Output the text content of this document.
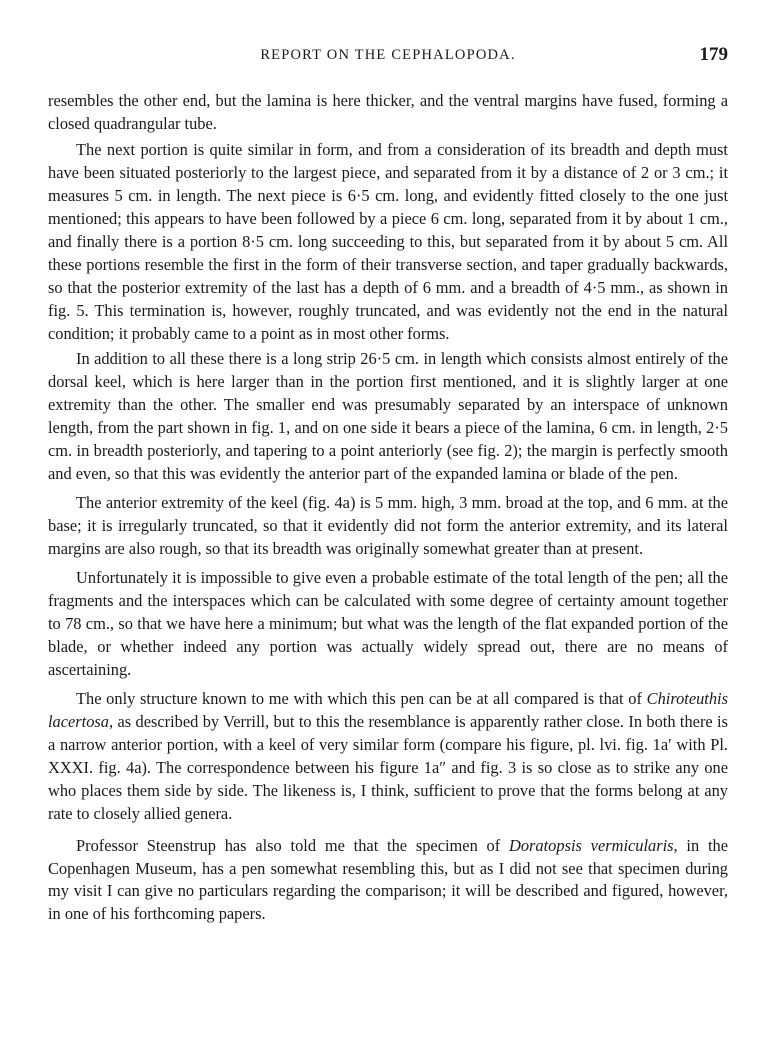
REPORT ON THE CEPHALOPODA.	179

resembles the other end, but the lamina is here thicker, and the ventral margins have fused, forming a closed quadrangular tube.

The next portion is quite similar in form, and from a consideration of its breadth and depth must have been situated posteriorly to the largest piece, and separated from it by a distance of 2 or 3 cm.; it measures 5 cm. in length. The next piece is 6·5 cm. long, and evidently fitted closely to the one just mentioned; this appears to have been followed by a piece 6 cm. long, separated from it by about 1 cm., and finally there is a portion 8·5 cm. long succeeding to this, but separated from it by about 5 cm. All these portions resemble the first in the form of their transverse section, and taper gradually backwards, so that the posterior extremity of the last has a depth of 6 mm. and a breadth of 4·5 mm., as shown in fig. 5. This termination is, however, roughly truncated, and was evidently not the end in the natural condition; it probably came to a point as in most other forms.

In addition to all these there is a long strip 26·5 cm. in length which consists almost entirely of the dorsal keel, which is here larger than in the portion first mentioned, and it is slightly larger at one extremity than the other. The smaller end was presumably separated by an interspace of unknown length, from the part shown in fig. 1, and on one side it bears a piece of the lamina, 6 cm. in length, 2·5 cm. in breadth posteriorly, and tapering to a point anteriorly (see fig. 2); the margin is perfectly smooth and even, so that this was evidently the anterior part of the expanded lamina or blade of the pen.

The anterior extremity of the keel (fig. 4a) is 5 mm. high, 3 mm. broad at the top, and 6 mm. at the base; it is irregularly truncated, so that it evidently did not form the anterior extremity, and its lateral margins are also rough, so that its breadth was originally somewhat greater than at present.

Unfortunately it is impossible to give even a probable estimate of the total length of the pen; all the fragments and the interspaces which can be calculated with some degree of certainty amount together to 78 cm., so that we have here a minimum; but what was the length of the flat expanded portion of the blade, or whether indeed any portion was actually widely spread out, there are no means of ascertaining.

The only structure known to me with which this pen can be at all compared is that of Chiroteuthis lacertosa, as described by Verrill, but to this the resemblance is apparently rather close. In both there is a narrow anterior portion, with a keel of very similar form (compare his figure, pl. lvi. fig. 1a′ with Pl. XXXI. fig. 4a). The correspondence between his figure 1a″ and fig. 3 is so close as to strike any one who places them side by side. The likeness is, I think, sufficient to prove that the forms belong at any rate to closely allied genera.

Professor Steenstrup has also told me that the specimen of Doratopsis vermicularis, in the Copenhagen Museum, has a pen somewhat resembling this, but as I did not see that specimen during my visit I can give no particulars regarding the comparison; it will be described and figured, however, in one of his forthcoming papers.
